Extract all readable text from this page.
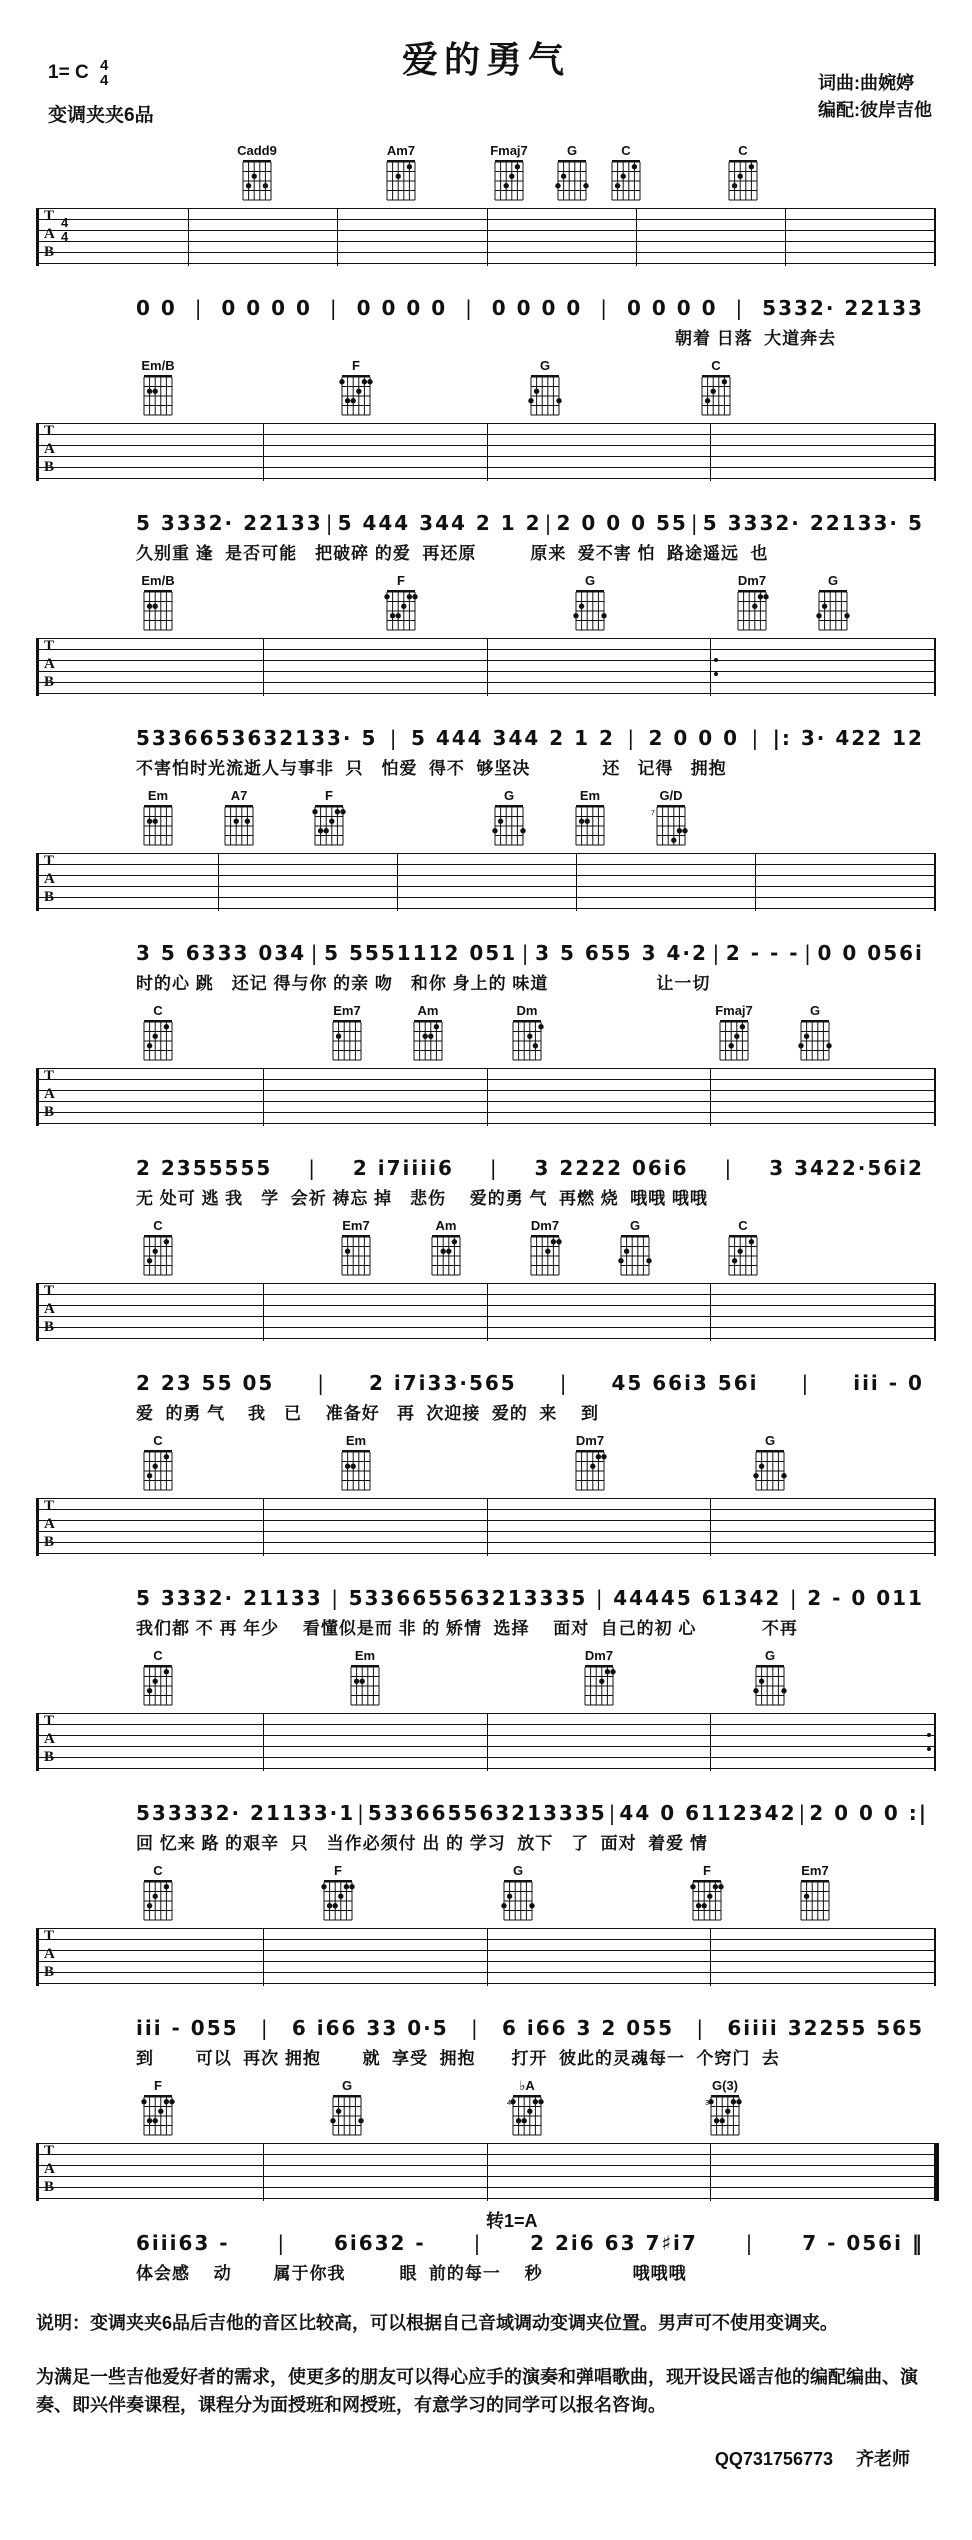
爱的勇气
1= C 4
4
变调夹夹6品
词曲:曲婉婷
编配:彼岸吉他
Cadd9	Am7	Fmaj7	G	C	C
T
A
B
4
4
0 0 | 0 0 0 0 | 0 0 0 0 | 0 0 0 0 | 0 0 0 0 | 5332· 22133
朝着 日落  大道奔去
Em/B	F	G	C
T
A
B
5 3332· 22133 | 5 444 344 2 1 2 | 2 0 0 0 55 | 5 3332· 22133· 5
久别重 逢  是否可能　把破碎 的爱  再还原　　　原来  爱不害 怕  路途遥远  也
Em/B	F	G	Dm7	G
T
A
B
5336653632133· 5 | 5 444 344 2 1 2 | 2 0 0 0 | |: 3· 422 12
不害怕时光流逝人与事非  只　怕爱  得不  够坚决　　　　还   记得   拥抱
Em	A7	F	G	Em	G/D
7
T
A
B
3 5 6333 034 | 5 5551112 051 | 3 5 655 3 4·2 | 2 - - - | 0 0 056i
时的心 跳　还记 得与你 的亲 吻　和你 身上的 味道　　　　　　让一切
C	Em7	Am	Dm	Fmaj7	G
T
A
B
2 2355555 | 2 i7iiii6 | 3 2222 06i6 | 3 3422·56i2
无 处可 逃 我　学  会祈 祷忘 掉　悲伤　 爱的勇 气  再燃 烧  哦哦 哦哦
C	Em7	Am	Dm7	G	C
T
A
B
2 23 55 05 | 2 i7i33·565 | 45 66i3 56i | iii - 0
爱  的勇 气    我　已　 准备好   再  次迎接  爱的  来　 到
C	Em	Dm7	G
T
A
B
5 3332· 21133 | 533665563213335 | 44445 61342 | 2 - 0 011
我们都 不 再 年少　 看懂似是而 非 的 矫情  选择　 面对  自己的初 心　　　  不再
C	Em	Dm7	G
T
A
B
533332· 21133·1 | 533665563213335 | 44 0 6112342 | 2 0 0 0 :|
回 忆来 路 的艰辛  只　当作必须付 出 的 学习  放下　了  面对  着爱 情
C	F	G	F	Em7
T
A
B
iii - 055 | 6 i66 33 0·5 | 6 i66 3 2 055 | 6iiii 32255 565
到　　 可以  再次 拥抱　　 就  享受  拥抱　　打开  彼此的灵魂每一  个窍门  去
F	G	♭A
4
G(3)
3
T
A
B
转1=A
6iii63 - | 6i632 - | 2 2i6 63 7♯i7 | 7 - 056i ‖
体会感　 动　　 属于你我　　　眼  前的每一　 秒　　　　　哦哦哦

说明：变调夹夹6品后吉他的音区比较高，可以根据自己音域调动变调夹位置。男声可不使用变调夹。

为满足一些吉他爱好者的需求，使更多的朋友可以得心应手的演奏和弹唱歌曲，现开设民谣吉他的编配编曲、演奏、即兴伴奏课程，课程分为面授班和网授班，有意学习的同学可以报名咨询。

QQ731756773　 齐老师
